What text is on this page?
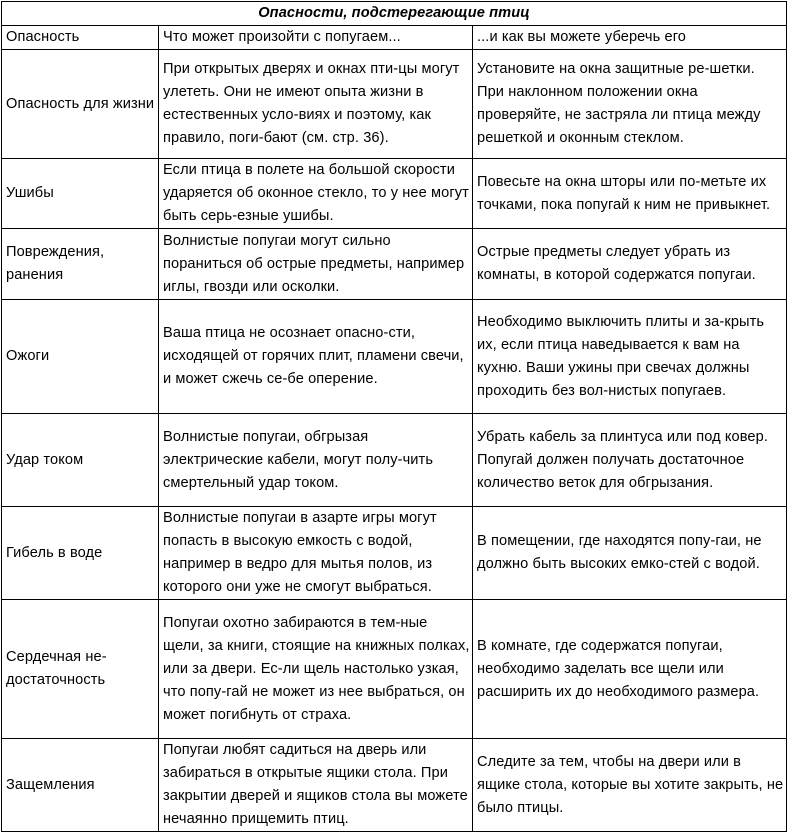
Опасности, подстерегающие птиц		
Опасность	Что может произойти с попугаем...	...и как вы можете уберечь его
Опасность для жизни	При открытых дверях и окнах пти-цы могут улететь. Они не имеют опыта жизни в естественных усло-виях и поэтому, как правило, поги-бают (см. стр. 36).	Установите на окна защитные ре-шетки. При наклонном положении окна проверяйте, не застряла ли птица между решеткой и оконным стеклом.
Ушибы	Если птица в полете на большой скорости ударяется об оконное стекло, то у нее могут быть серь-езные ушибы.	Повесьте на окна шторы или по-метьте их точками, пока попугай к ним не привыкнет.
Повреждения, ранения	Волнистые попугаи могут сильно пораниться об острые предметы, например иглы, гвозди или осколки.	Острые предметы следует убрать из комнаты, в которой содержатся попугаи.
Ожоги	Ваша птица не осознает опасно-сти, исходящей от горячих плит, пламени свечи, и может сжечь се-бе оперение.	Необходимо выключить плиты и за-крыть их, если птица наведывается к вам на кухню. Ваши ужины при свечах должны проходить без вол-нистых попугаев.
Удар током	Волнистые попугаи, обгрызая электрические кабели, могут полу-чить смертельный удар током.	Убрать кабель за плинтуса или под ковер. Попугай должен получать достаточное количество веток для обгрызания.
Гибель в воде	Волнистые попугаи в азарте игры могут попасть в высокую емкость с водой, например в ведро для мытья полов, из которого они уже не смогут выбраться.	В помещении, где находятся попу-гаи, не должно быть высоких емко-стей с водой.
Сердечная не-достаточность	Попугаи охотно забираются в тем-ные щели, за книги, стоящие на книжных полках, или за двери. Ес-ли щель настолько узкая, что попу-гай не может из нее выбраться, он может погибнуть от страха.	В комнате, где содержатся попугаи, необходимо заделать все щели или расширить их до необходимого размера.
Защемления	Попугаи любят садиться на дверь или забираться в открытые ящики стола. При закрытии дверей и ящиков стола вы можете нечаянно прищемить птиц.	Следите за тем, чтобы на двери или в ящике стола, которые вы хотите закрыть, не было птицы.
